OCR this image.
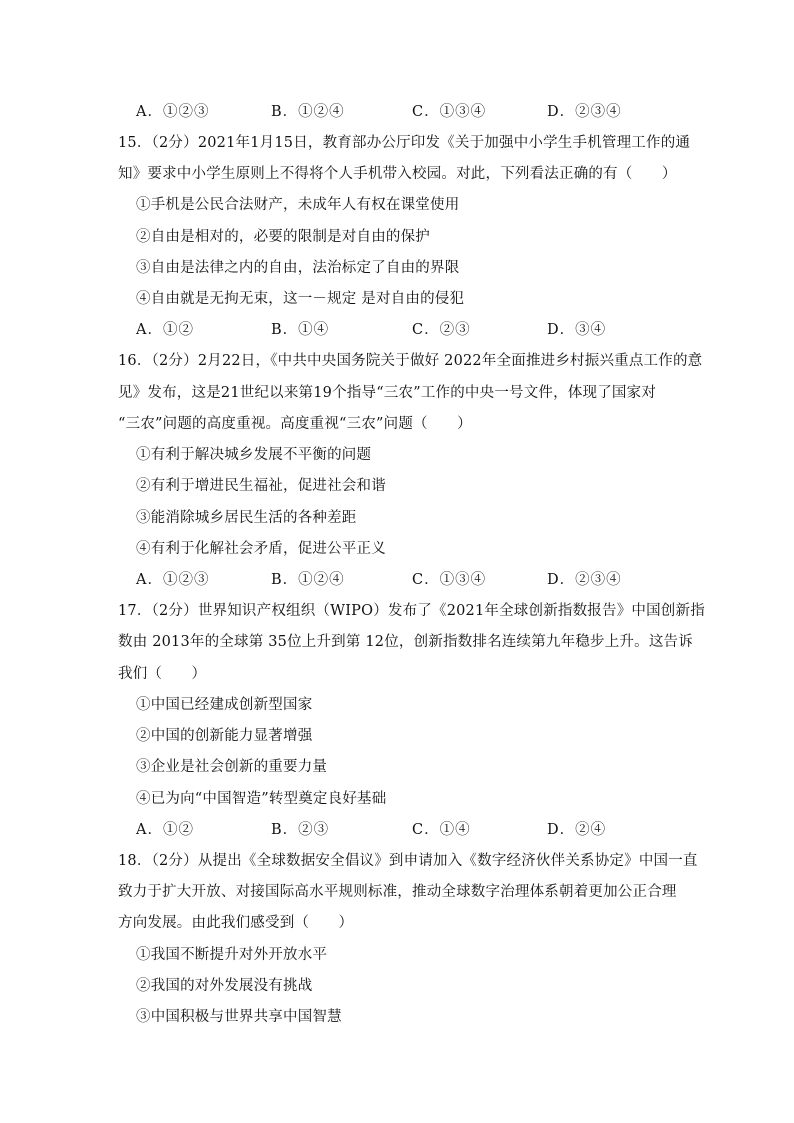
A．①②③	B．①②④	C．①③④	D．②③④
15．（2分）2021年1月15日，教育部办公厅印发《关于加强中小学生手机管理工作的通
知》要求中小学生原则上不得将个人手机带入校园。对此，下列看法正确的有（　　）
①手机是公民合法财产，未成年人有权在课堂使用
②自由是相对的，必要的限制是对自由的保护
③自由是法律之内的自由，法治标定了自由的界限
④自由就是无拘无束，这一－规定 是对自由的侵犯
A．①②	B．①④	C．②③	D．③④
16．（2分）2月22日，《中共中央国务院关于做好 2022年全面推进乡村振兴重点工作的意
见》发布，这是21世纪以来第19个指导“三农”工作的中央一号文件，体现了国家对
“三农”问题的高度重视。高度重视“三农”问题（　　）
①有利于解决城乡发展不平衡的问题
②有利于增进民生福祉，促进社会和谐
③能消除城乡居民生活的各种差距
④有利于化解社会矛盾，促进公平正义
A．①②③	B．①②④	C．①③④	D．②③④
17．（2分）世界知识产权组织（WIPO）发布了《2021年全球创新指数报告》中国创新指
数由 2013年的全球第 35位上升到第 12位，创新指数排名连续第九年稳步上升。这告诉
我们（　　）
①中国已经建成创新型国家
②中国的创新能力显著增强
③企业是社会创新的重要力量
④已为向“中国智造”转型奠定良好基础
A．①②	B．②③	C．①④	D．②④
18．（2分）从提出《全球数据安全倡议》到申请加入《数字经济伙伴关系协定》中国一直
致力于扩大开放、对接国际高水平规则标准，推动全球数字治理体系朝着更加公正合理
方向发展。由此我们感受到（　　）
①我国不断提升对外开放水平
②我国的对外发展没有挑战
③中国积极与世界共享中国智慧
